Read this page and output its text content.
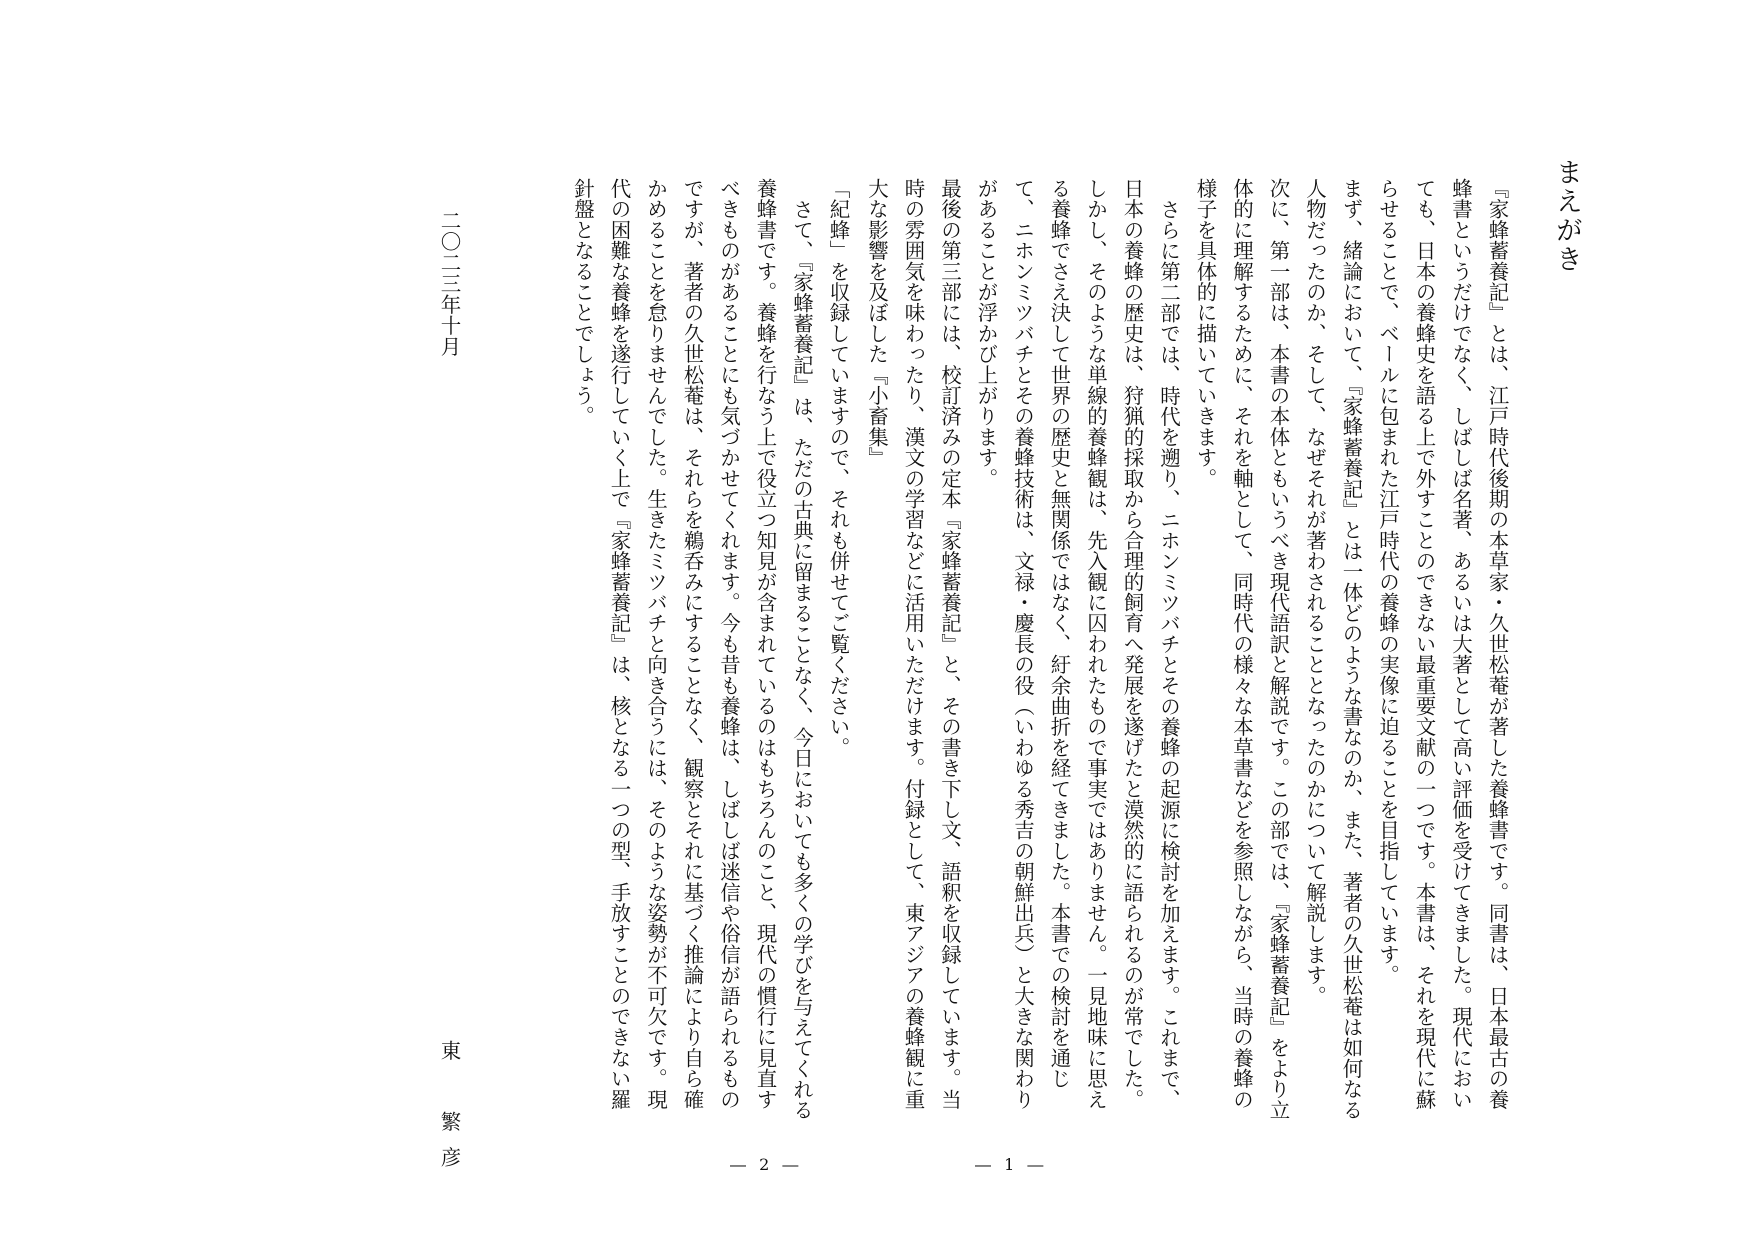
まえがき

『家蜂蓄養記』とは、江戸時代後期の本草家・久世松菴が著した養蜂書です。同書は、日本最古の養蜂書というだけでなく、しばしば名著、あるいは大著として高い評価を受けてきました。現代においても、日本の養蜂史を語る上で外すことのできない最重要文献の一つです。本書は、それを現代に蘇らせることで、ベールに包まれた江戸時代の養蜂の実像に迫ることを目指しています。

まず、緒論において、『家蜂蓄養記』とは一体どのような書なのか、また、著者の久世松菴は如何なる人物だったのか、そして、なぜそれが著わされることとなったのかについて解説します。

次に、第一部は、本書の本体ともいうべき現代語訳と解説です。この部では、『家蜂蓄養記』をより立体的に理解するために、それを軸として、同時代の様々な本草書などを参照しながら、当時の養蜂の様子を具体的に描いていきます。

さらに第二部では、時代を遡り、ニホンミツバチとその養蜂の起源に検討を加えます。これまで、日本の養蜂の歴史は、狩猟的採取から合理的飼育へ発展を遂げたと漠然的に語られるのが常でした。しかし、そのような単線的養蜂観は、先入観に囚われたもので事実ではありません。一見地味に思える養蜂でさえ決して世界の歴史と無関係ではなく、紆余曲折を経てきました。本書での検討を通じて、ニホンミツバチとその養蜂技術は、文禄・慶長の役（いわゆる秀吉の朝鮮出兵）と大きな関わりがあることが浮かび上がります。

最後の第三部には、校訂済みの定本『家蜂蓄養記』と、その書き下し文、語釈を収録しています。当時の雰囲気を味わったり、漢文の学習などに活用いただけます。付録として、東アジアの養蜂観に重大な影響を及ぼした『小畜集』

― 1 ―

「紀蜂」を収録していますので、それも併せてご覧ください。

さて、『家蜂蓄養記』は、ただの古典に留まることなく、今日においても多くの学びを与えてくれる養蜂書です。養蜂を行なう上で役立つ知見が含まれているのはもちろんのこと、現代の慣行に見直すべきものがあることにも気づかせてくれます。今も昔も養蜂は、しばしば迷信や俗信が語られるものですが、著者の久世松菴は、それらを鵜呑みにすることなく、観察とそれに基づく推論により自ら確かめることを怠りませんでした。生きたミツバチと向き合うには、そのような姿勢が不可欠です。現代の困難な養蜂を遂行していく上で『家蜂蓄養記』は、核となる一つの型、手放すことのできない羅針盤となることでしょう。

二〇二三年十月
東　繁彦	― 2 ―
